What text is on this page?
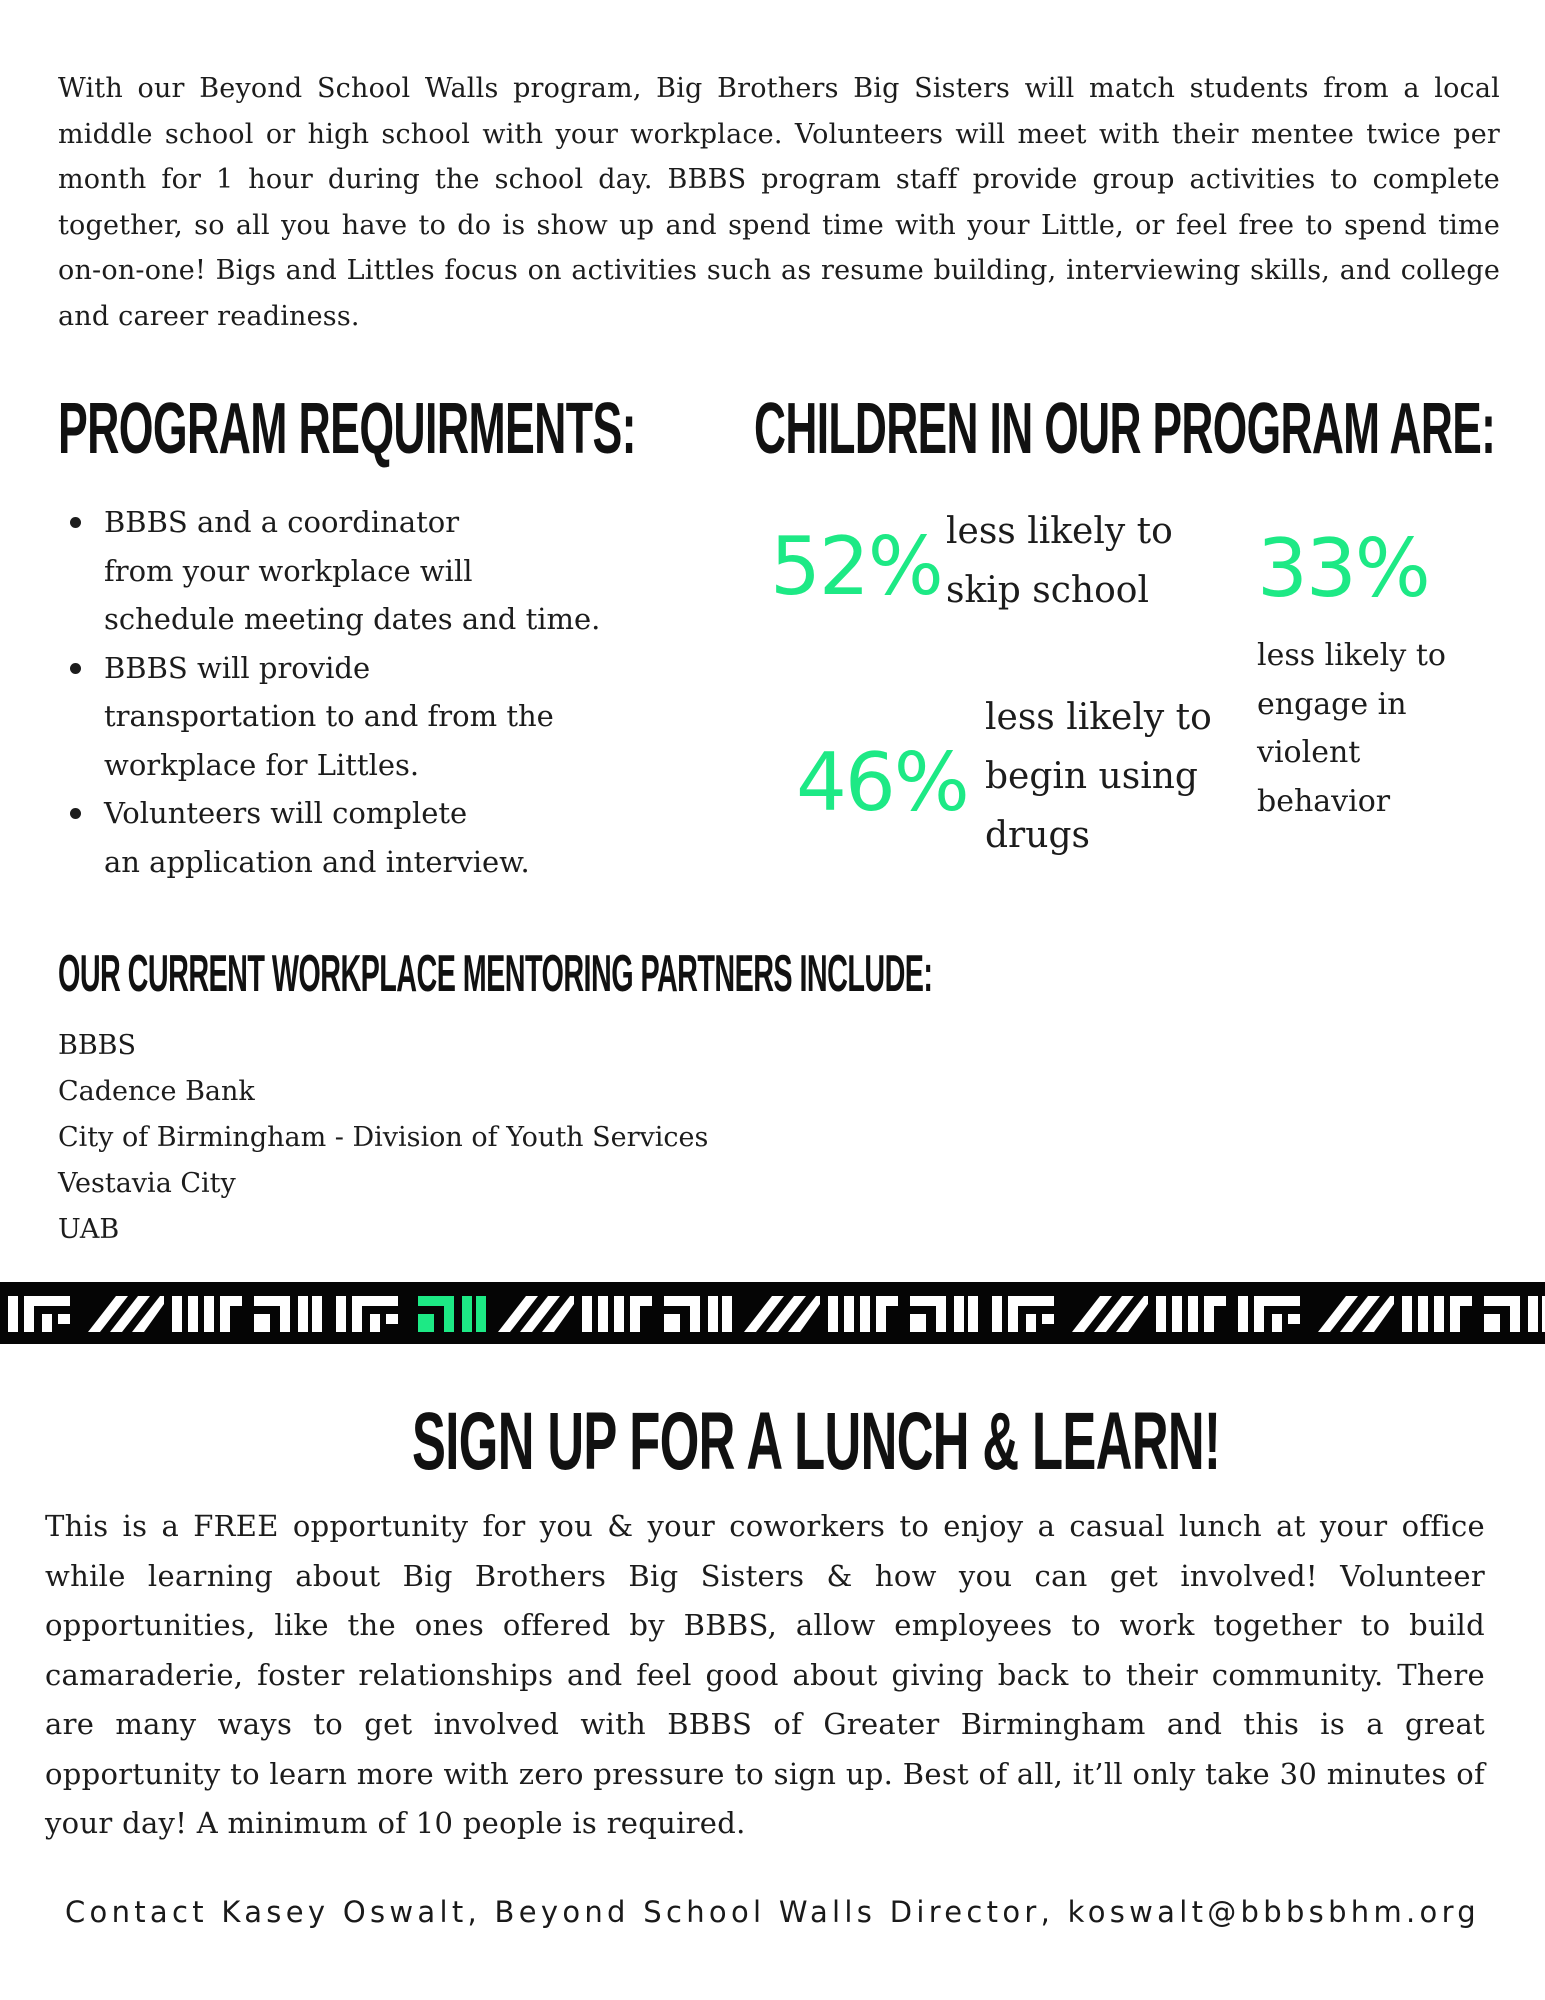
With our Beyond School Walls program, Big Brothers Big Sisters will match students from a local middle school or high school with your workplace. Volunteers will meet with their mentee twice per month for 1 hour during the school day. BBBS program staff provide group activities to complete together, so all you have to do is show up and spend time with your Little, or feel free to spend time on-on-one! Bigs and Littles focus on activities such as resume building, interviewing skills, and college and career readiness.

PROGRAM REQUIRMENTS:
BBBS and a coordinator
from your workplace will
schedule meeting dates and time.
BBBS will provide
transportation to and from the
workplace for Littles.
Volunteers will complete
an application and interview.
CHILDREN IN OUR PROGRAM ARE:
52% less likely to
skip school 33%
less likely to
engage in
violent
behavior
46%
less likely to
begin using
drugs
OUR CURRENT WORKPLACE MENTORING PARTNERS INCLUDE:
BBBS
Cadence Bank
City of Birmingham - Division of Youth Services
Vestavia City
UAB
SIGN UP FOR A LUNCH & LEARN!

This is a FREE opportunity for you & your coworkers to enjoy a casual lunch at your office while learning about Big Brothers Big Sisters & how you can get involved! Volunteer opportunities, like the ones offered by BBBS, allow employees to work together to build camaraderie, foster relationships and feel good about giving back to their community. There are many ways to get involved with BBBS of Greater Birmingham and this is a great opportunity to learn more with zero pressure to sign up. Best of all, it’ll only take 30 minutes of your day! A minimum of 10 people is required.

Contact Kasey Oswalt, Beyond School Walls Director, koswalt@bbbsbhm.org
